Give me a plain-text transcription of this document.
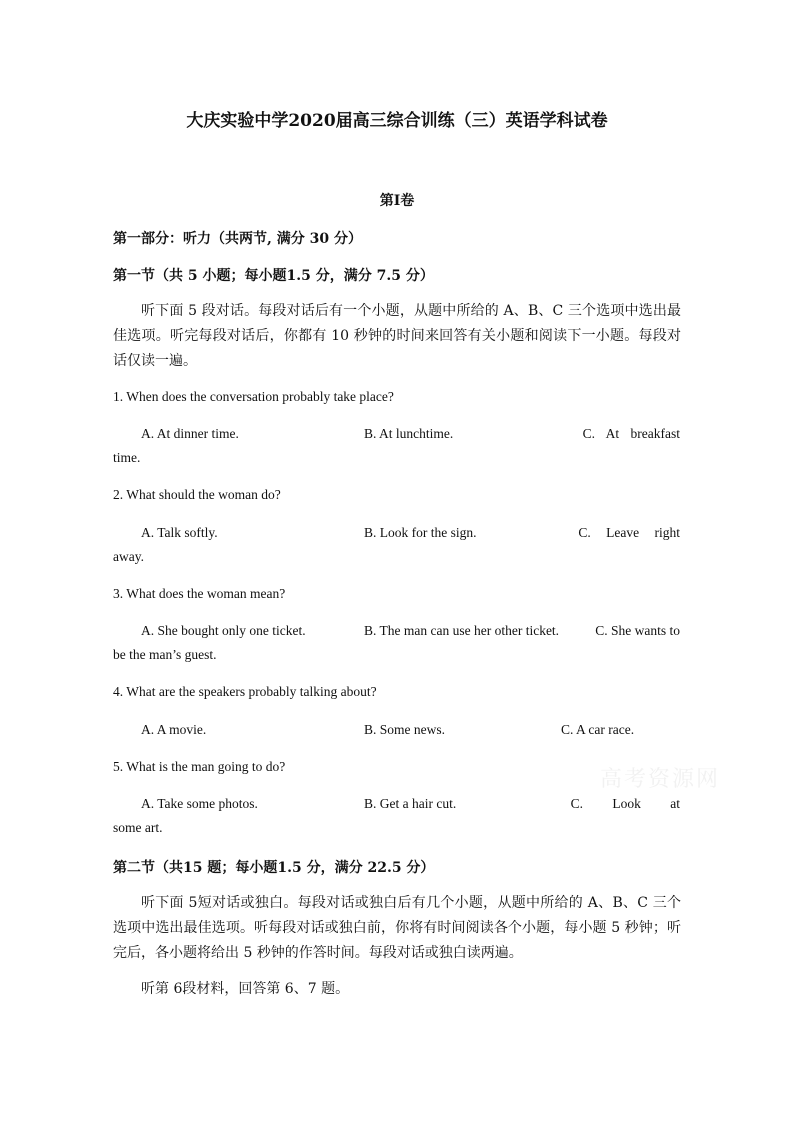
大庆实验中学2020届高三综合训练（三）英语学科试卷
第I卷
第一部分：听力（共两节, 满分 30 分）
第一节（共 5 小题；每小题1.5 分，满分 7.5 分）
听下面 5 段对话。每段对话后有一个小题，从题中所给的 A、B、C 三个选项中选出最佳选项。听完每段对话后，你都有 10 秒钟的时间来回答有关小题和阅读下一小题。每段对话仅读一遍。
1. When does the conversation probably take place?
A. At dinner time.	B. At lunchtime.	C. At breakfast
time.
2. What should the woman do?
A. Talk softly.	B. Look for the sign.	C. Leave right
away.
3. What does the woman mean?
A. She bought only one ticket.	B. The man can use her other ticket.	C. She wants to
be the man’s guest.
4. What are the speakers probably talking about?
A. A movie.	B. Some news.	C. A car race.
5. What is the man going to do?
A. Take some photos.	B. Get a hair cut.	C. Look at
some art.
高考资源网
第二节（共15 题；每小题1.5 分，满分 22.5 分）
听下面 5短对话或独白。每段对话或独白后有几个小题，从题中所给的 A、B、C 三个选项中选出最佳选项。听每段对话或独白前，你将有时间阅读各个小题，每小题 5 秒钟；听完后，各小题将给出 5 秒钟的作答时间。每段对话或独白读两遍。
听第 6段材料，回答第 6、7 题。
